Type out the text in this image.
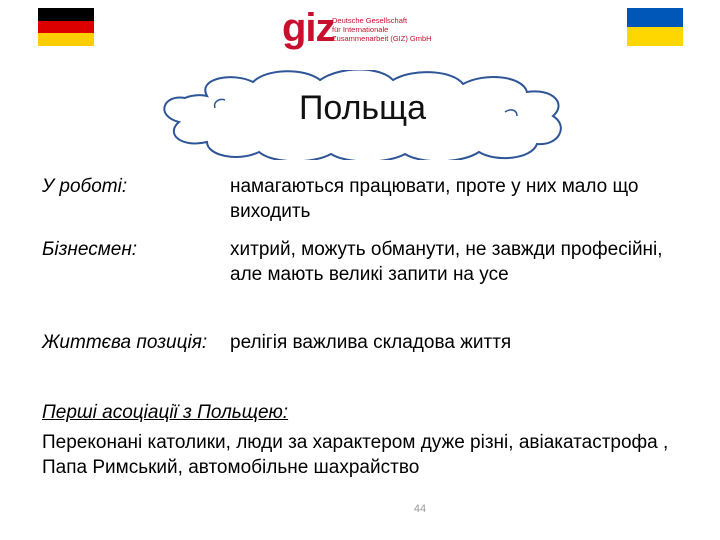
giz
Deutsche Gesellschaft
für Internationale
Zusammenarbeit (GIZ) GmbH
Польща
У роботі:	намагаються працювати, проте у них мало що виходить
Бізнесмен:	хитрий, можуть обманути, не завжди професійні, але мають великі запити на усе
Життєва позиція: релігія важлива складова життя
Перші асоціації з Польщею:
Переконані католики, люди за характером дуже різні, авіакатастрофа , Папа Римський, автомобільне шахрайство
44
